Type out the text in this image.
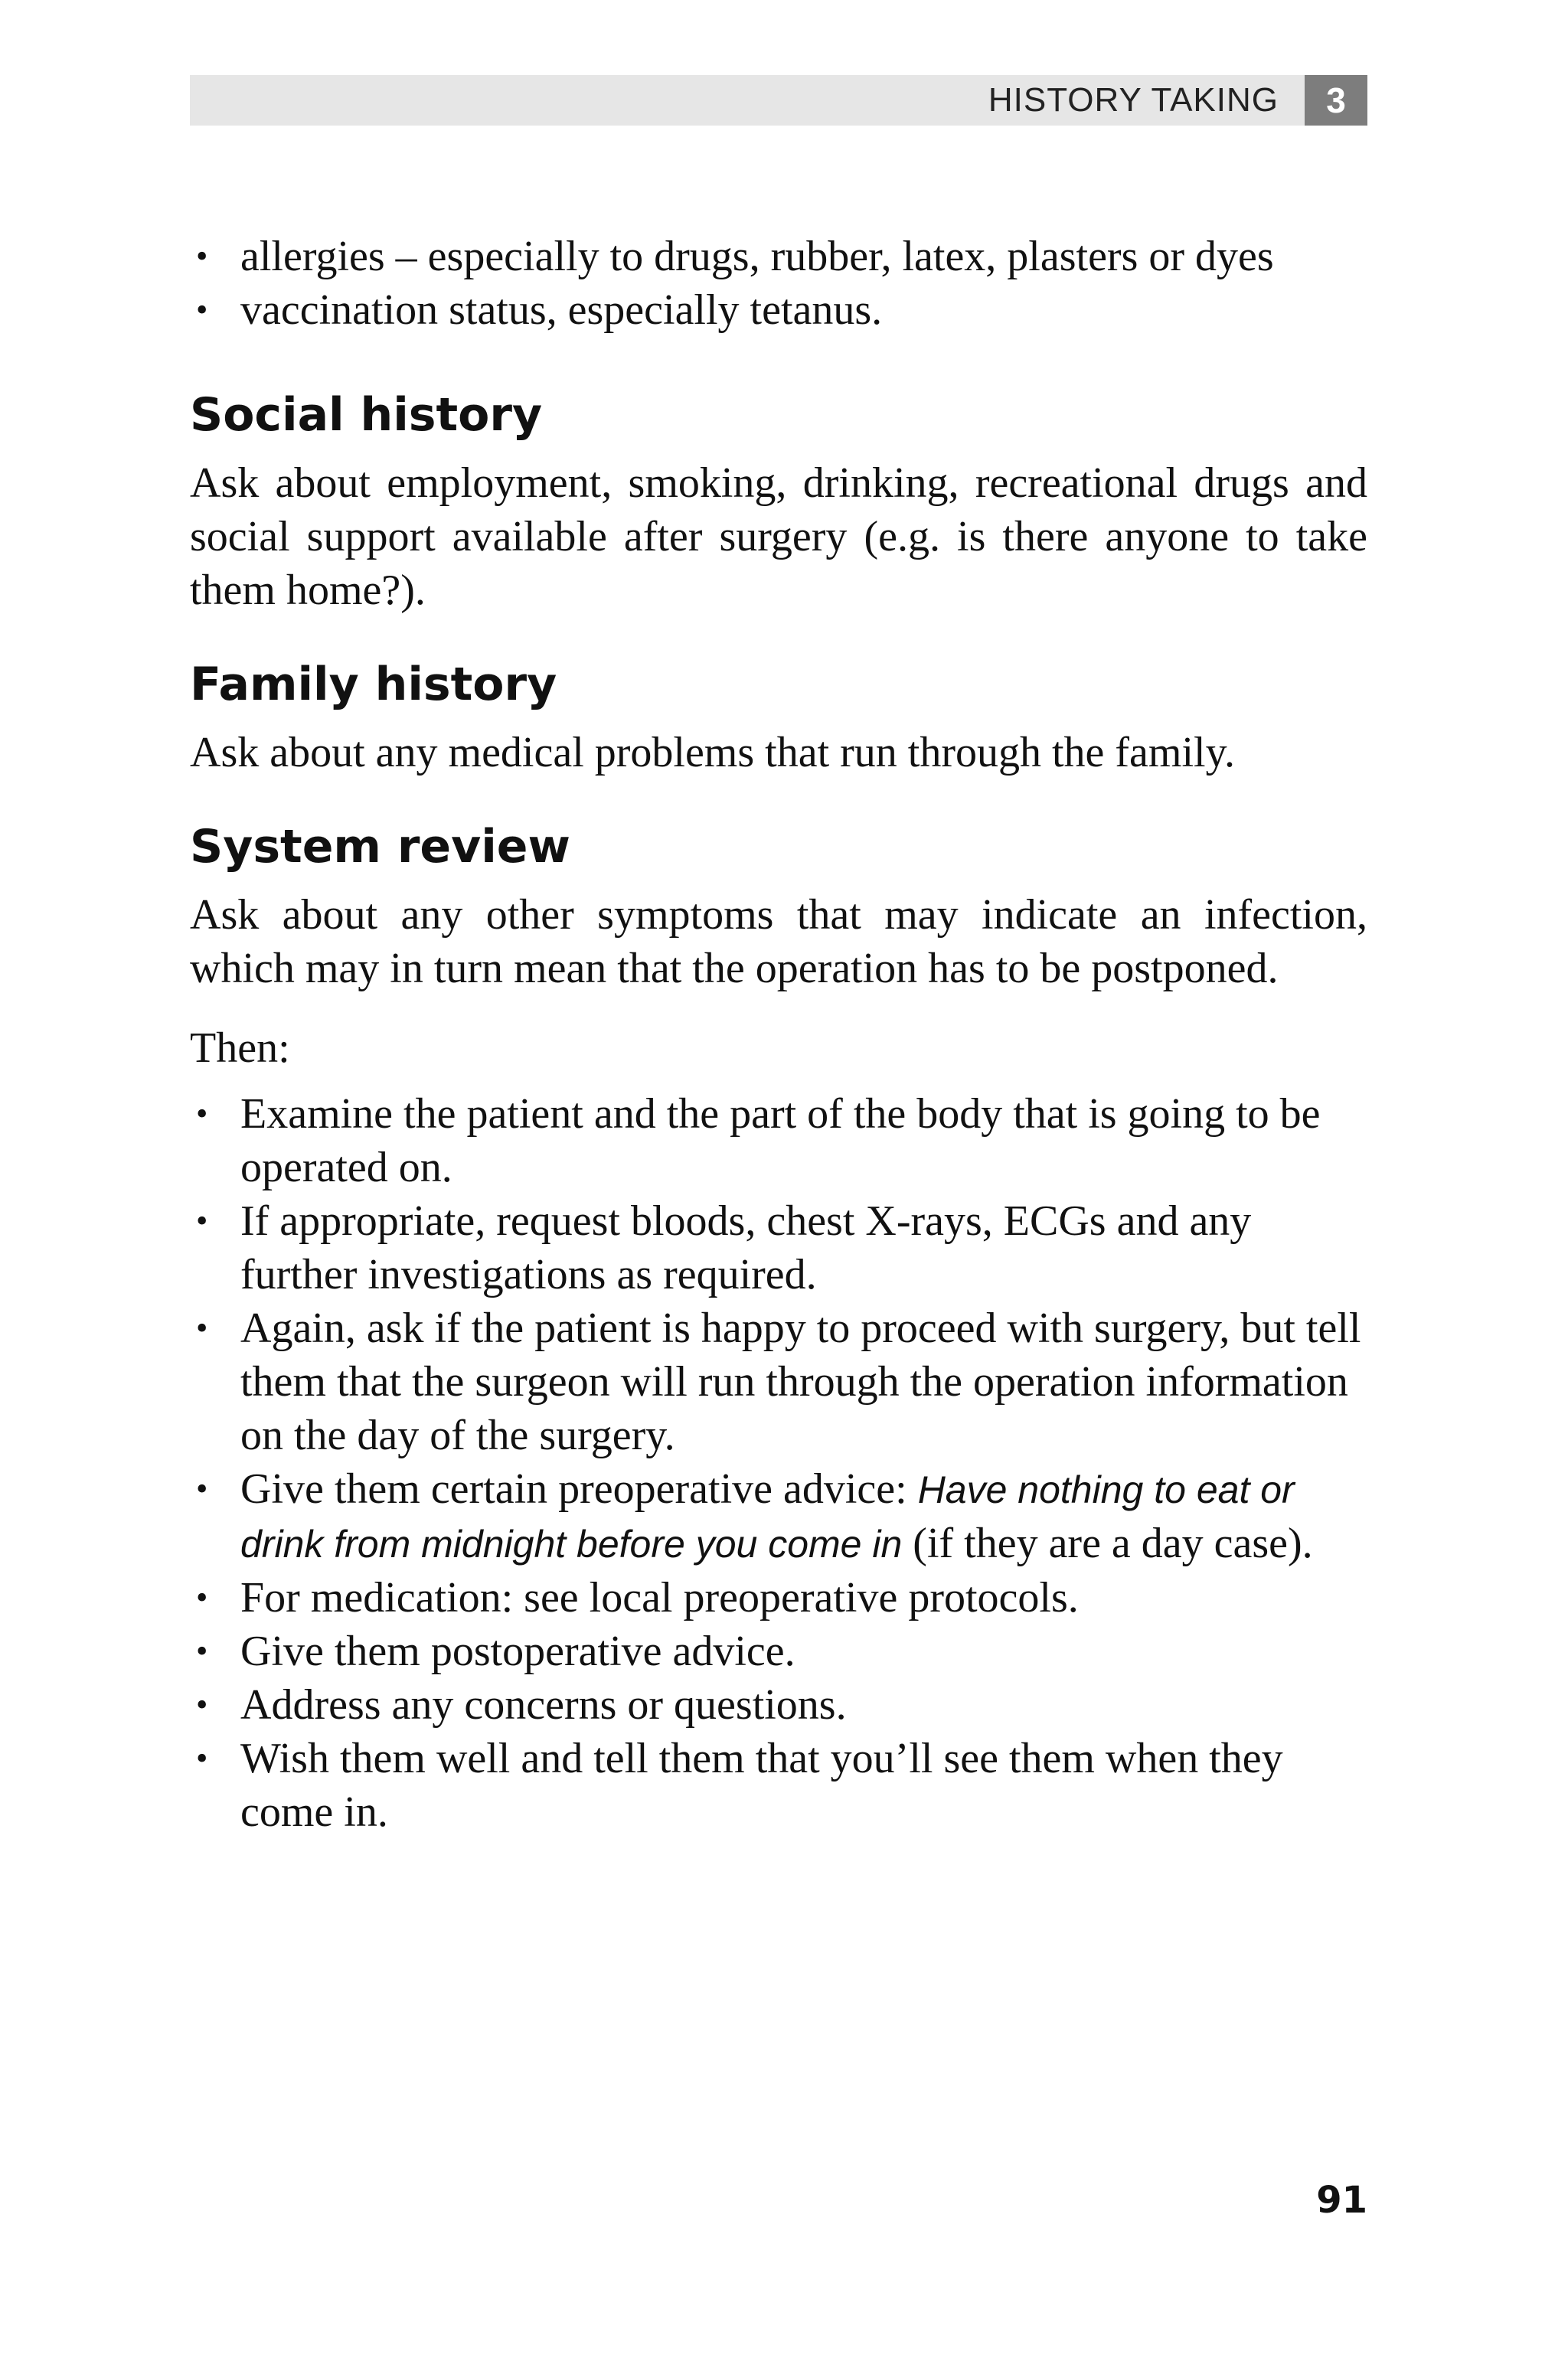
HISTORY TAKING	3
• allergies – especially to drugs, rubber, latex, plasters or dyes
• vaccination status, especially tetanus.
Social history

Ask about employment, smoking, drinking, recreational drugs and social support available after surgery (e.g. is there anyone to take them home?).

Family history

Ask about any medical problems that run through the family.

System review

Ask about any other symptoms that may indicate an infection, which may in turn mean that the operation has to be postponed.

Then:

• Examine the patient and the part of the body that is going to be operated on.
• If appropriate, request bloods, chest X-rays, ECGs and any further investigations as required.
• Again, ask if the patient is happy to proceed with surgery, but tell them that the surgeon will run through the operation information on the day of the surgery.
• Give them certain preoperative advice: Have nothing to eat or drink from midnight before you come in (if they are a day case).
• For medication: see local preoperative protocols.
• Give them postoperative advice.
• Address any concerns or questions.
• Wish them well and tell them that you’ll see them when they come in.
91
